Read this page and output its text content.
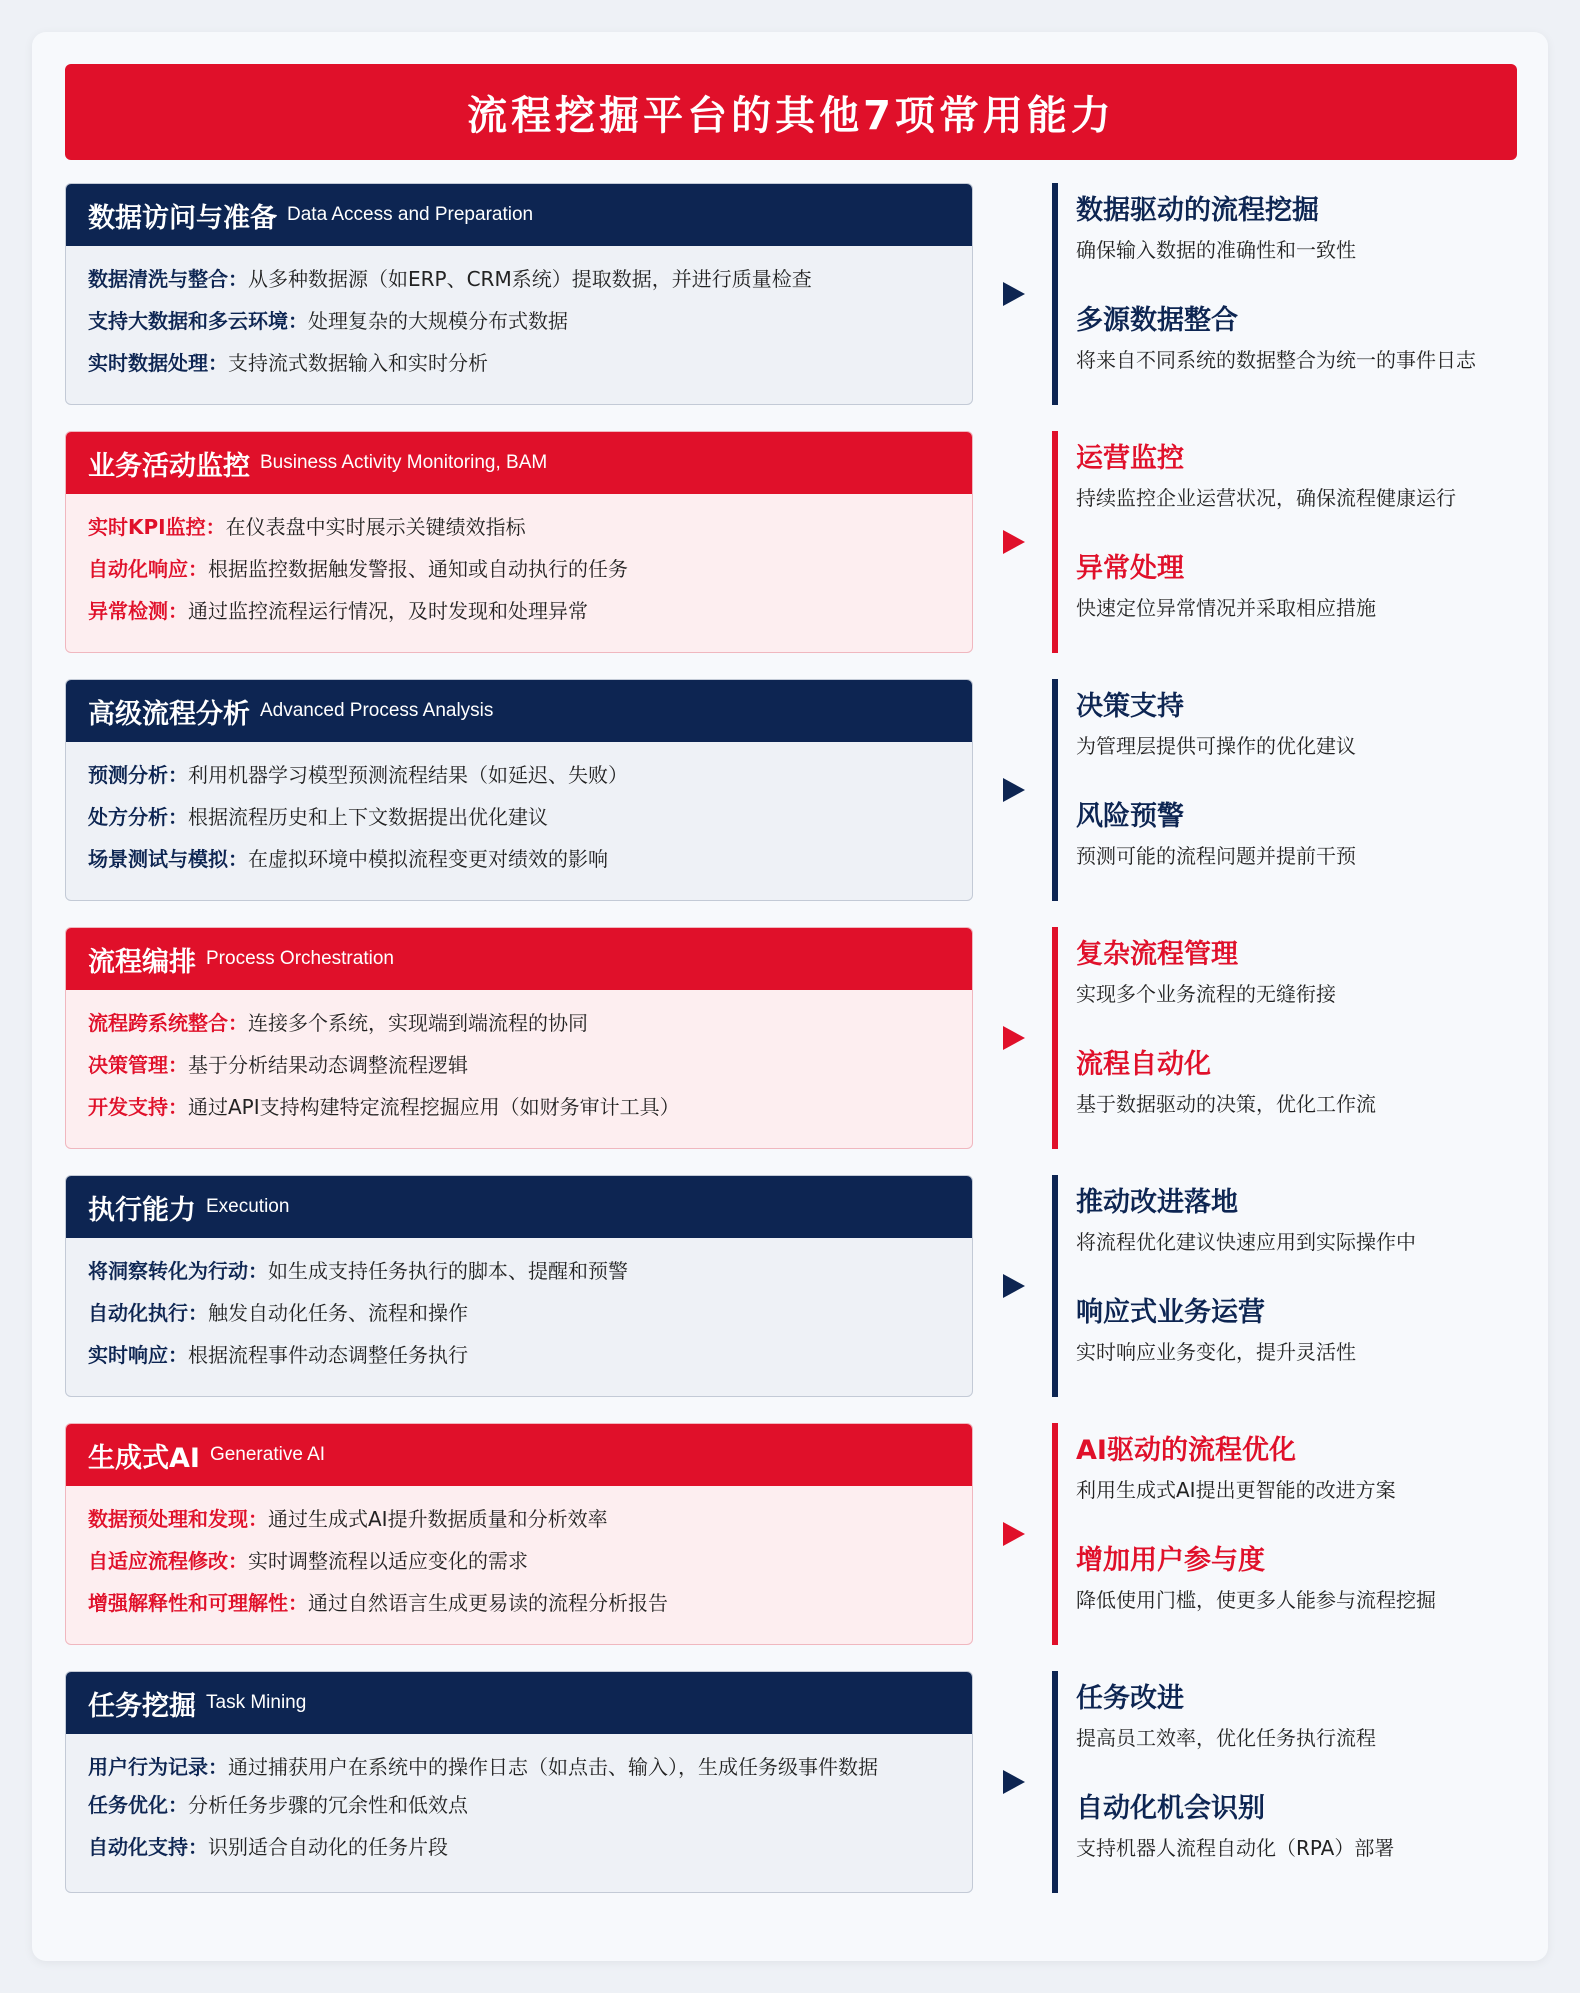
流程挖掘平台的其他7项常用能力
数据访问与准备 Data Access and Preparation
数据清洗与整合：从多种数据源（如ERP、CRM系统）提取数据，并进行质量检查
支持大数据和多云环境：处理复杂的大规模分布式数据
实时数据处理：支持流式数据输入和实时分析
数据驱动的流程挖掘
确保输入数据的准确性和一致性
多源数据整合
将来自不同系统的数据整合为统一的事件日志
业务活动监控 Business Activity Monitoring, BAM
实时KPI监控：在仪表盘中实时展示关键绩效指标
自动化响应：根据监控数据触发警报、通知或自动执行的任务
异常检测：通过监控流程运行情况，及时发现和处理异常
运营监控
持续监控企业运营状况，确保流程健康运行
异常处理
快速定位异常情况并采取相应措施
高级流程分析 Advanced Process Analysis
预测分析：利用机器学习模型预测流程结果（如延迟、失败）
处方分析：根据流程历史和上下文数据提出优化建议
场景测试与模拟：在虚拟环境中模拟流程变更对绩效的影响
决策支持
为管理层提供可操作的优化建议
风险预警
预测可能的流程问题并提前干预
流程编排 Process Orchestration
流程跨系统整合：连接多个系统，实现端到端流程的协同
决策管理：基于分析结果动态调整流程逻辑
开发支持：通过API支持构建特定流程挖掘应用（如财务审计工具）
复杂流程管理
实现多个业务流程的无缝衔接
流程自动化
基于数据驱动的决策，优化工作流
执行能力 Execution
将洞察转化为行动：如生成支持任务执行的脚本、提醒和预警
自动化执行：触发自动化任务、流程和操作
实时响应：根据流程事件动态调整任务执行
推动改进落地
将流程优化建议快速应用到实际操作中
响应式业务运营
实时响应业务变化，提升灵活性
生成式AI Generative AI
数据预处理和发现：通过生成式AI提升数据质量和分析效率
自适应流程修改：实时调整流程以适应变化的需求
增强解释性和可理解性：通过自然语言生成更易读的流程分析报告
AI驱动的流程优化
利用生成式AI提出更智能的改进方案
增加用户参与度
降低使用门槛，使更多人能参与流程挖掘
任务挖掘 Task Mining
用户行为记录：通过捕获用户在系统中的操作日志（如点击、输入），生成任务级事件数据
任务优化：分析任务步骤的冗余性和低效点
自动化支持：识别适合自动化的任务片段
任务改进
提高员工效率，优化任务执行流程
自动化机会识别
支持机器人流程自动化（RPA）部署
